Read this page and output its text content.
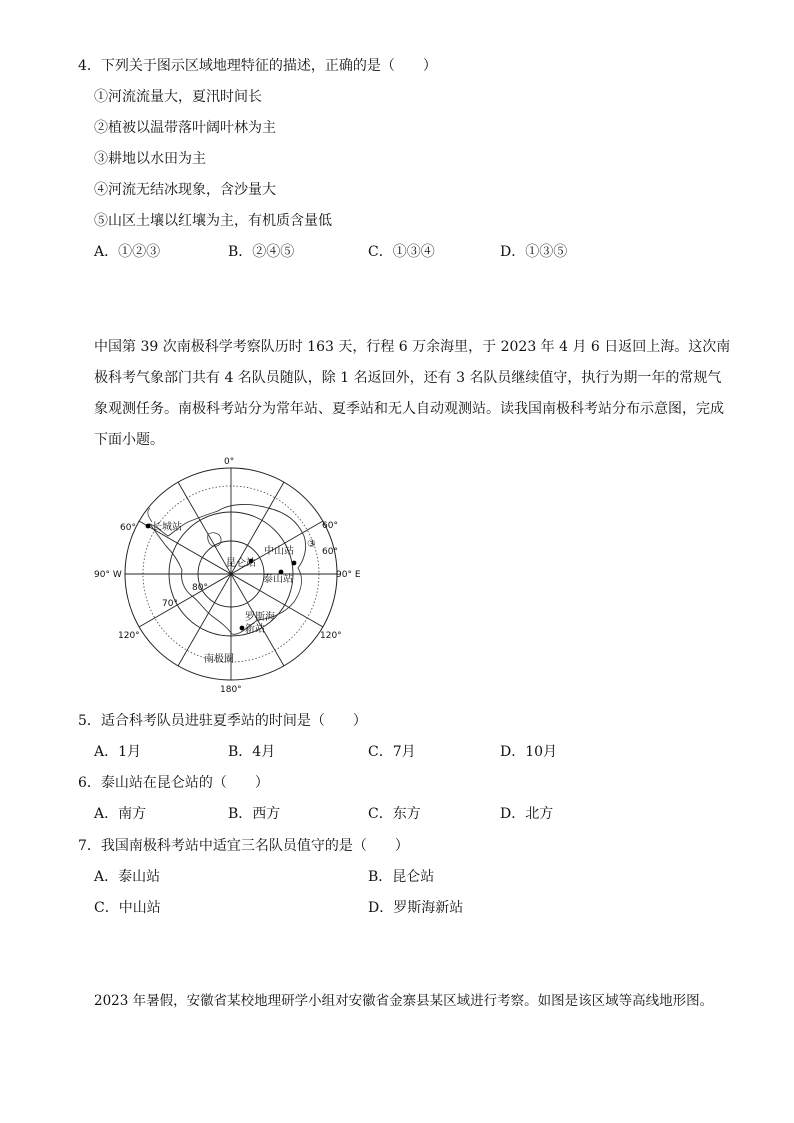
4．下列关于图示区域地理特征的描述，正确的是（　　）
①河流流量大，夏汛时间长
②植被以温带落叶阔叶林为主
③耕地以水田为主
④河流无结冰现象，含沙量大
⑤山区土壤以红壤为主，有机质含量低
A．①②③	B．②④⑤	C．①③④	D．①③⑤
中国第 39 次南极科学考察队历时 163 天，行程 6 万余海里，于 2023 年 4 月 6 日返回上海。这次南极科考气象部门共有 4 名队员随队，除 1 名返回外，还有 3 名队员继续值守，执行为期一年的常规气象观测任务。南极科考站分为常年站、夏季站和无人自动观测站。读我国南极科考站分布示意图，完成下面小题。
0°
180°
60°	60°
60°
90° W	90° E
120°	120°
80°
70°
长城站
中山站
昆仑站
泰山站
罗斯海
新站
南极圈
③
5．适合科考队员进驻夏季站的时间是（　　）
A．1月	B．4月	C．7月	D．10月
6．泰山站在昆仑站的（　　）
A．南方	B．西方	C．东方	D．北方
7．我国南极科考站中适宜三名队员值守的是（　　）
A．泰山站	B．昆仑站
C．中山站	D．罗斯海新站
2023 年暑假，安徽省某校地理研学小组对安徽省金寨县某区域进行考察。如图是该区域等高线地形图。
